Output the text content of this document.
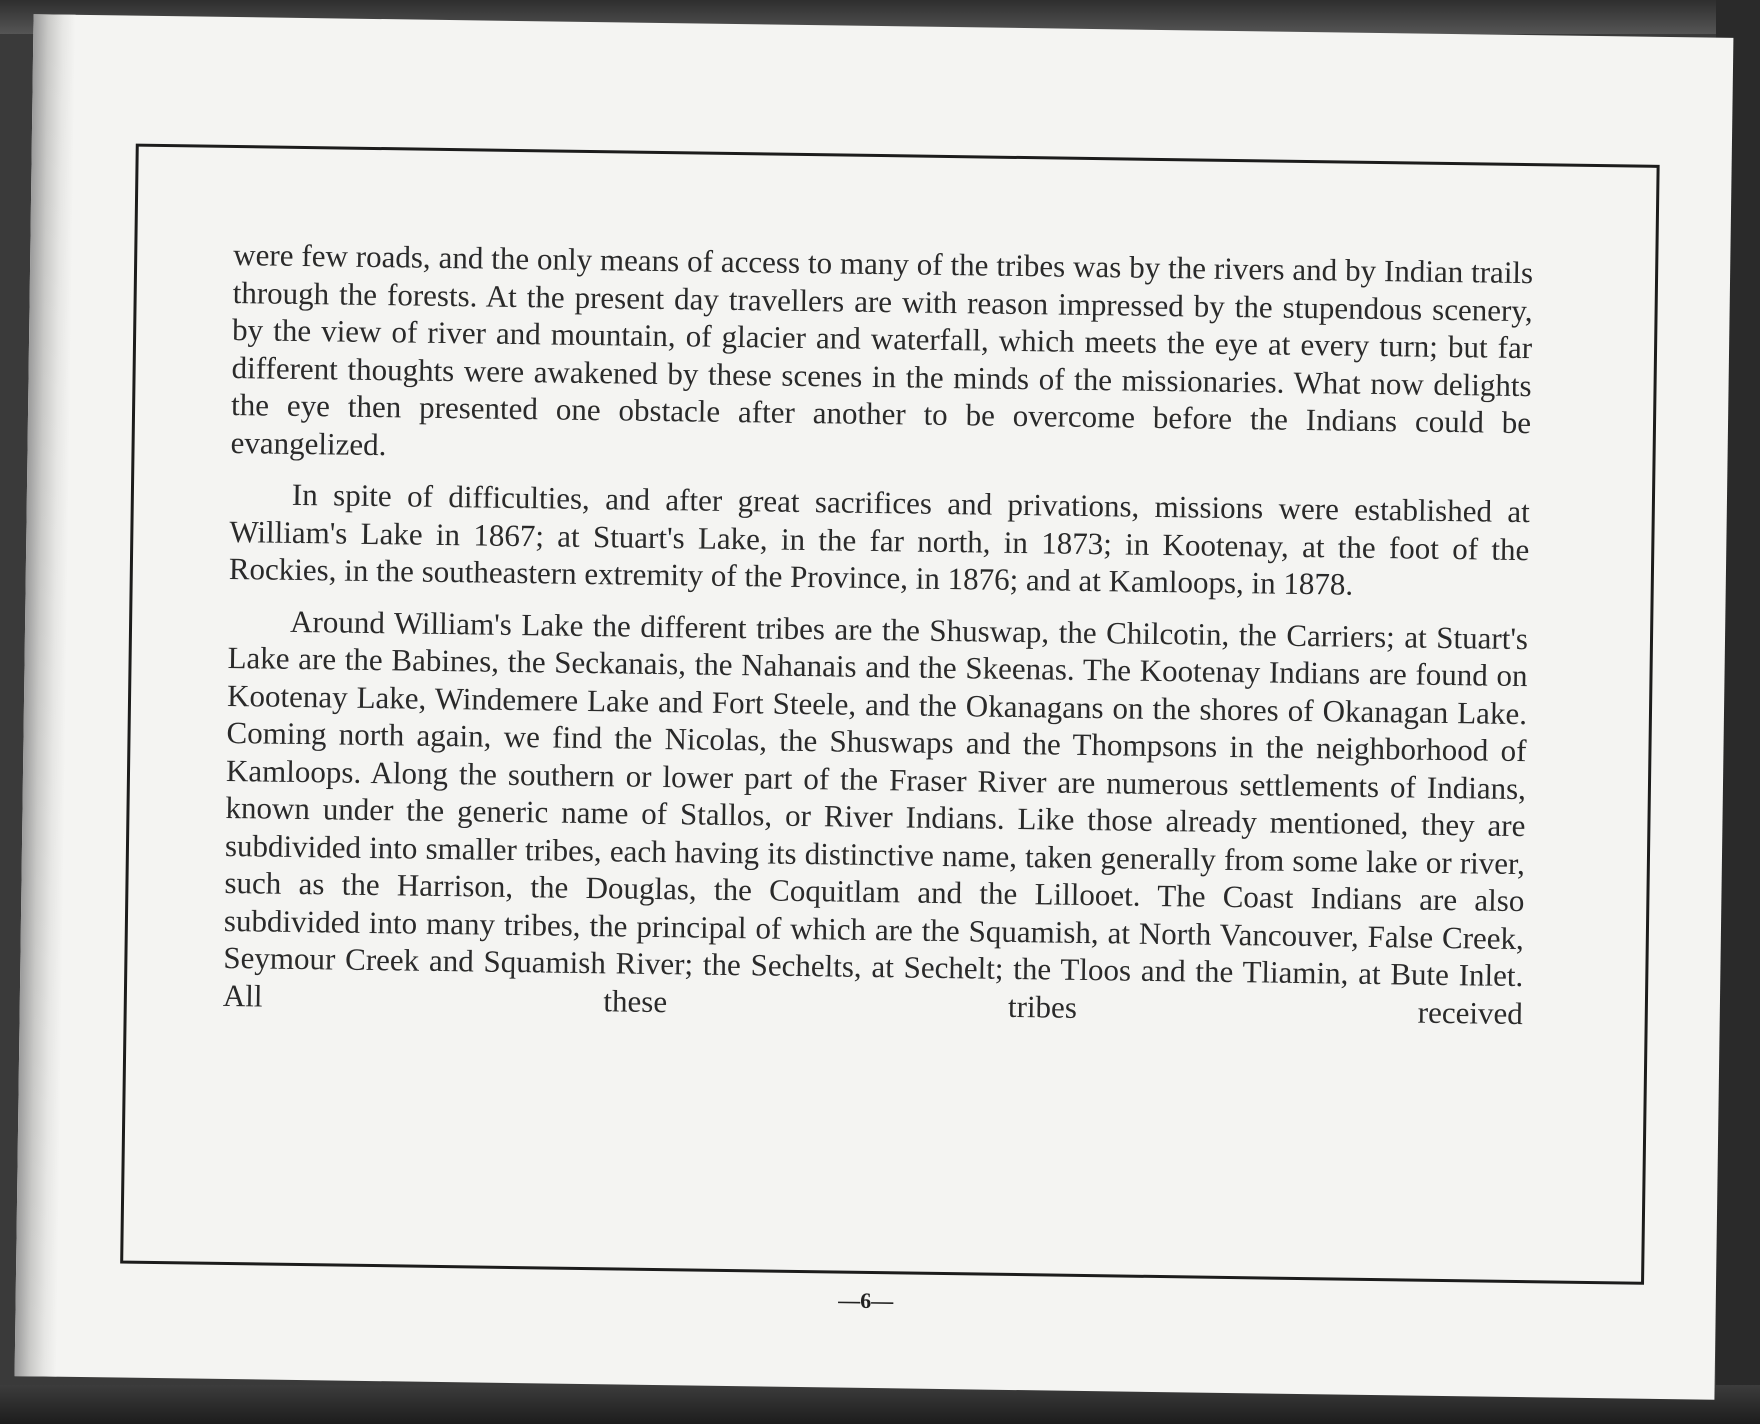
were few roads, and the only means of access to many of the tribes was by the rivers and by Indian trails through the forests. At the present day travellers are with reason impressed by the stupendous scenery, by the view of river and mountain, of glacier and waterfall, which meets the eye at every turn; but far different thoughts were awakened by these scenes in the minds of the missionaries. What now delights the eye then presented one obstacle after another to be overcome before the Indians could be evangelized.

In spite of difficulties, and after great sacrifices and privations, missions were established at William's Lake in 1867; at Stuart's Lake, in the far north, in 1873; in Kootenay, at the foot of the Rockies, in the southeastern extremity of the Province, in 1876; and at Kamloops, in 1878.

Around William's Lake the different tribes are the Shuswap, the Chilcotin, the Carriers; at Stuart's Lake are the Babines, the Seckanais, the Nahanais and the Skeenas. The Kootenay Indians are found on Kootenay Lake, Windemere Lake and Fort Steele, and the Okanagans on the shores of Okanagan Lake. Coming north again, we find the Nicolas, the Shuswaps and the Thompsons in the neighborhood of Kamloops. Along the southern or lower part of the Fraser River are numerous settlements of Indians, known under the generic name of Stallos, or River Indians. Like those already mentioned, they are subdivided into smaller tribes, each having its distinctive name, taken generally from some lake or river, such as the Harrison, the Douglas, the Coquitlam and the Lillooet. The Coast Indians are also subdivided into many tribes, the principal of which are the Squamish, at North Vancouver, False Creek, Seymour Creek and Squamish River; the Sechelts, at Sechelt; the Tloos and the Tliamin, at Bute Inlet. All these tribes received

—6—
